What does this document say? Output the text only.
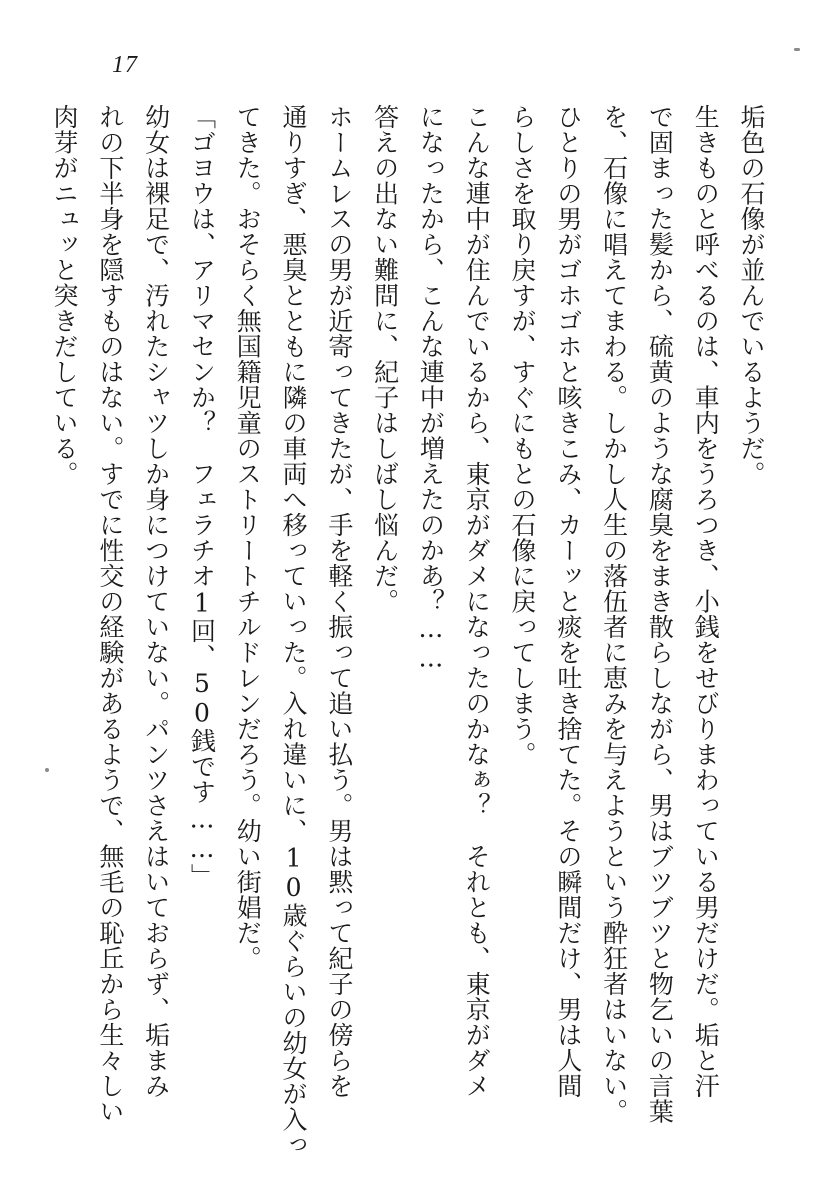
17
垢色の石像が並んでいるようだ。
生きものと呼べるのは、車内をうろつき、小銭をせびりまわっている男だけだ。垢と汗
で固まった髪から、硫黄のような腐臭をまき散らしながら、男はブツブツと物乞いの言葉
を、石像に唱えてまわる。しかし人生の落伍者に恵みを与えようという酔狂者はいない。
ひとりの男がゴホゴホと咳きこみ、カーッと痰を吐き捨てた。その瞬間だけ、男は人間
らしさを取り戻すが、すぐにもとの石像に戻ってしまう。
こんな連中が住んでいるから、東京がダメになったのかなぁ？　それとも、東京がダメ
になったから、こんな連中が増えたのかあ？……
答えの出ない難問に、紀子はしばし悩んだ。
ホームレスの男が近寄ってきたが、手を軽く振って追い払う。男は黙って紀子の傍らを
通りすぎ、悪臭とともに隣の車両へ移っていった。入れ違いに、10歳ぐらいの幼女が入っ
てきた。おそらく無国籍児童のストリートチルドレンだろう。幼い街娼だ。
「ゴヨウは、アリマセンか？　フェラチオ1回、50銭です……」
幼女は裸足で、汚れたシャツしか身につけていない。パンツさえはいておらず、垢まみ
れの下半身を隠すものはない。すでに性交の経験があるようで、無毛の恥丘から生々しい
肉芽がニュッと突きだしている。
